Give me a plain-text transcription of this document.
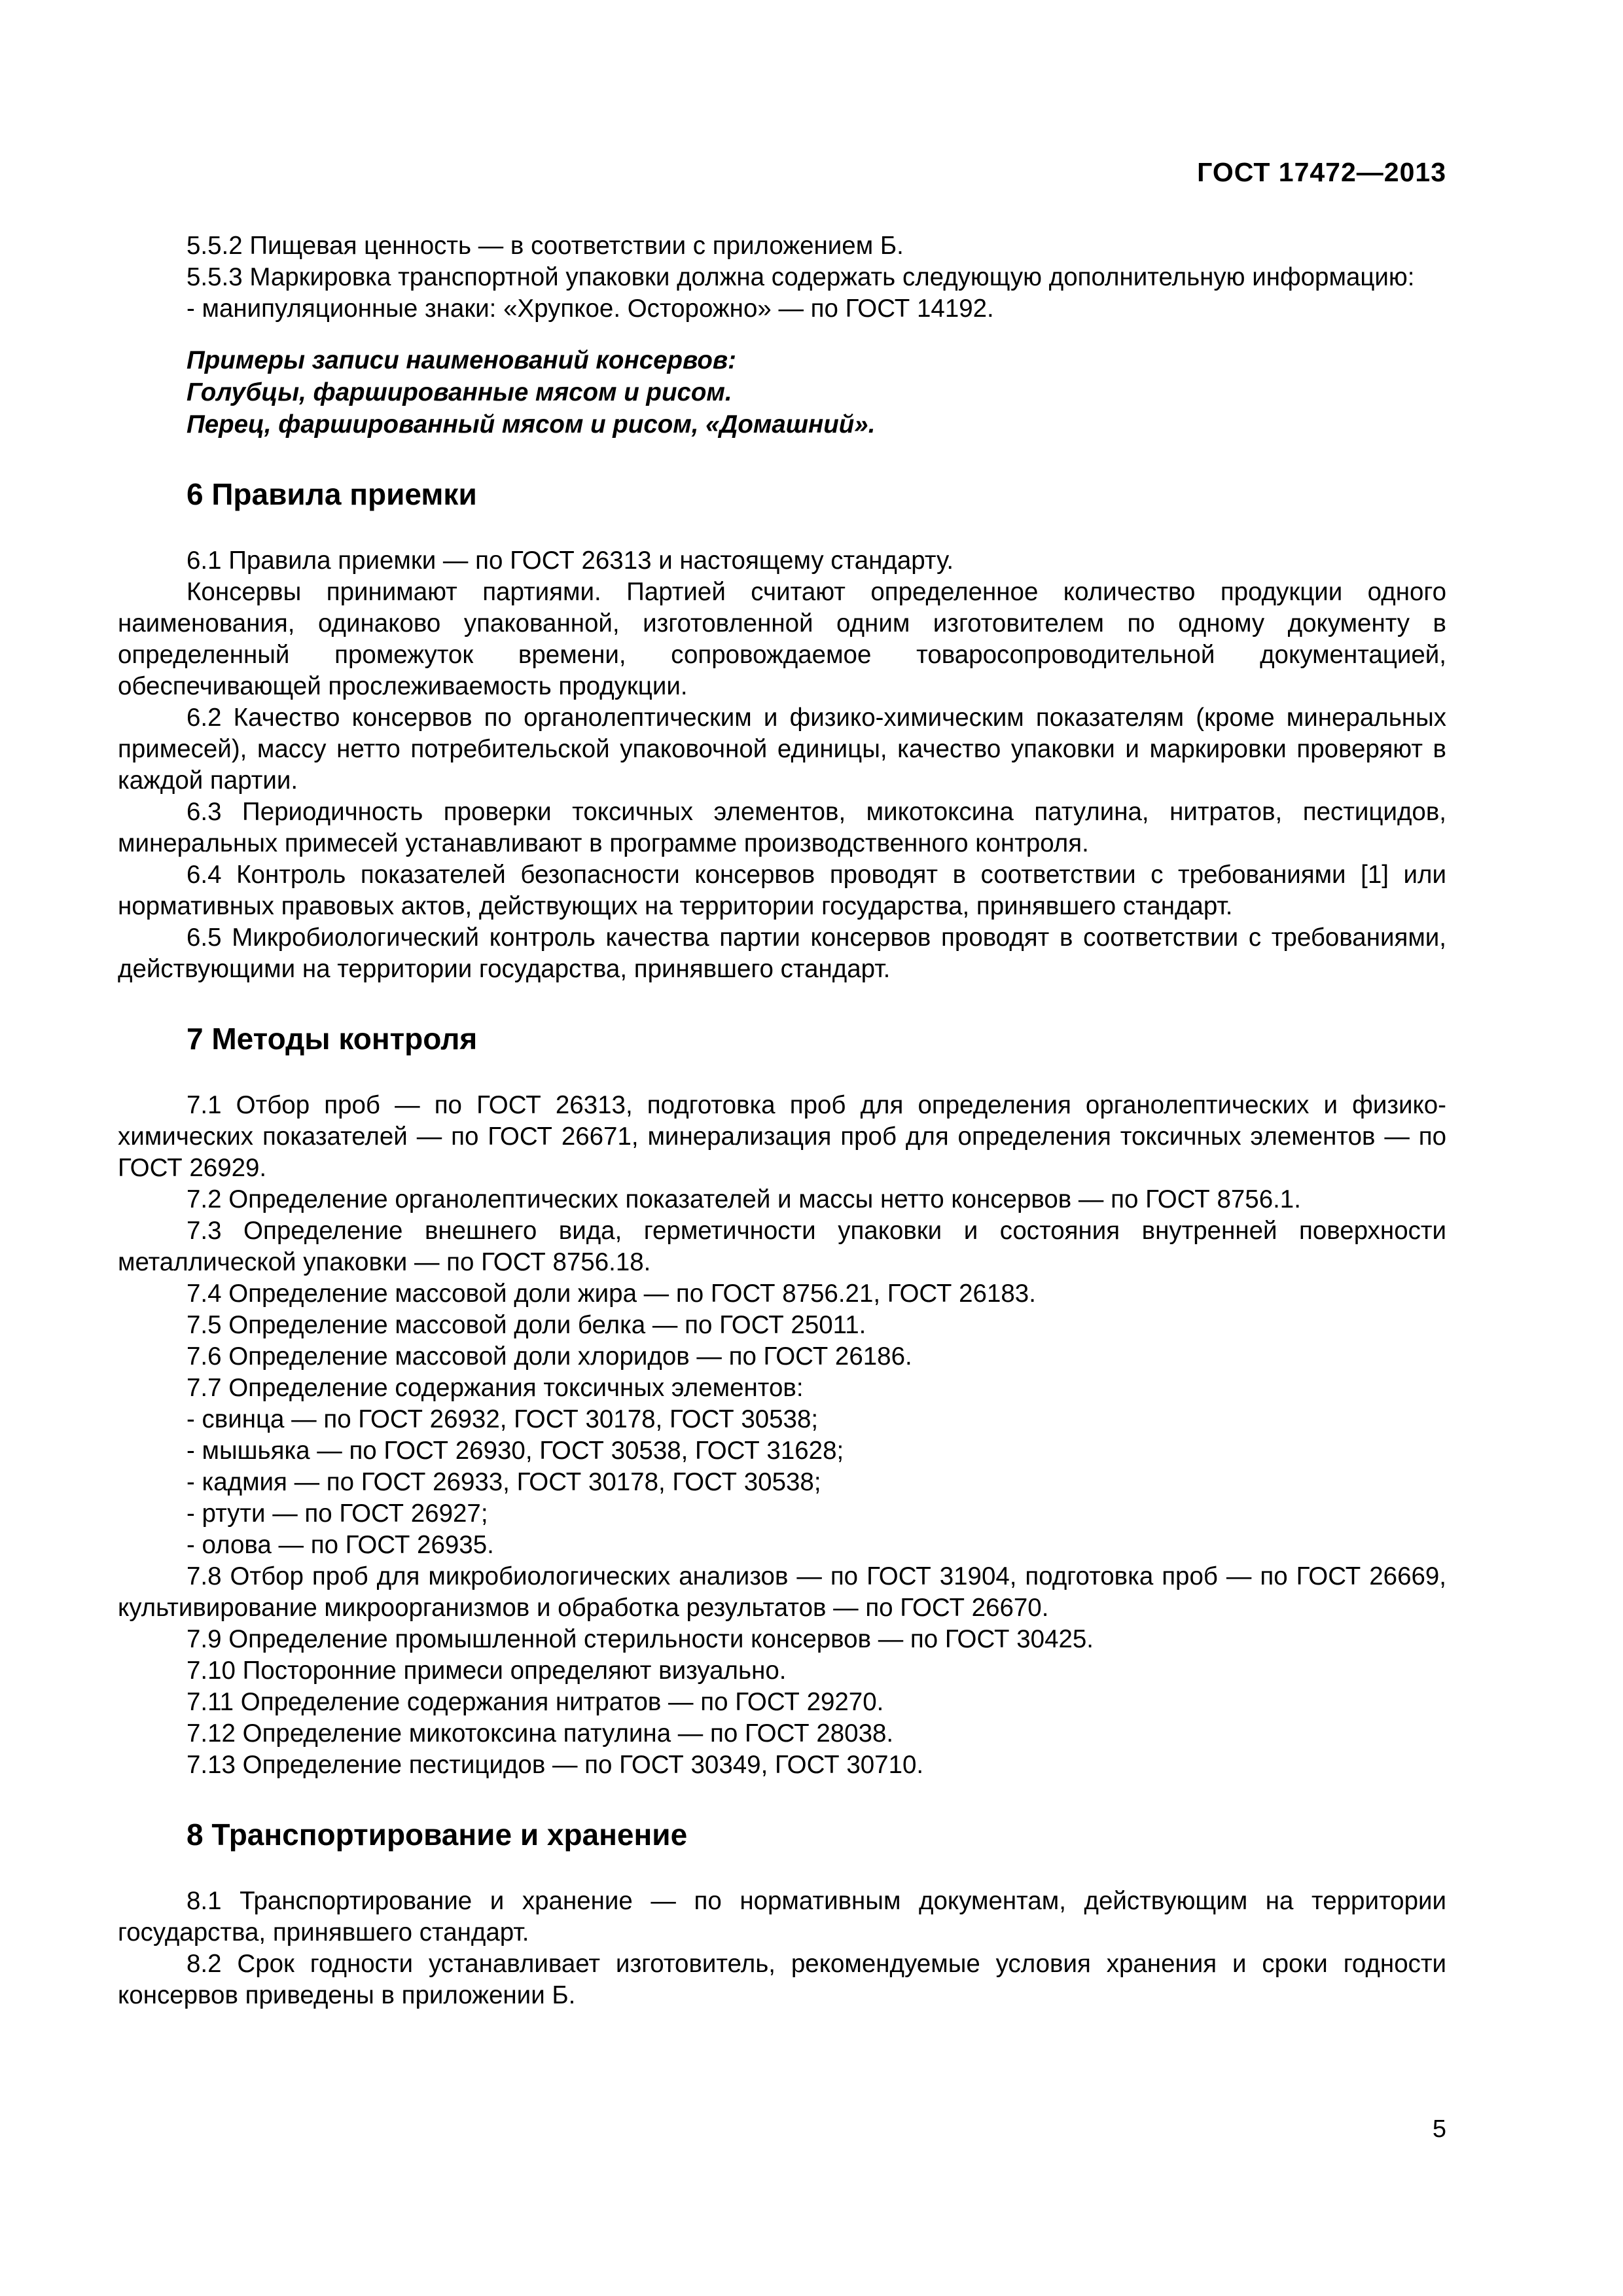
ГОСТ 17472—2013

5.5.2 Пищевая ценность — в соответствии с приложением Б.

5.5.3 Маркировка транспортной упаковки должна содержать следующую дополнительную информацию:

- манипуляционные знаки: «Хрупкое. Осторожно» — по ГОСТ 14192.

Примеры записи наименований консервов:
Голубцы, фаршированные мясом и рисом.
Перец, фаршированный мясом и рисом, «Домашний».
6 Правила приемки

6.1 Правила приемки — по ГОСТ 26313 и настоящему стандарту.

Консервы принимают партиями. Партией считают определенное количество продукции одного наименования, одинаково упакованной, изготовленной одним изготовителем по одному документу в определенный промежуток времени, сопровождаемое товаросопроводительной документацией, обеспечивающей прослеживаемость продукции.

6.2 Качество консервов по органолептическим и физико-химическим показателям (кроме минеральных примесей), массу нетто потребительской упаковочной единицы, качество упаковки и маркировки проверяют в каждой партии.

6.3 Периодичность проверки токсичных элементов, микотоксина патулина, нитратов, пестицидов, минеральных примесей устанавливают в программе производственного контроля.

6.4 Контроль показателей безопасности консервов проводят в соответствии с требованиями [1] или нормативных правовых актов, действующих на территории государства, принявшего стандарт.

6.5 Микробиологический контроль качества партии консервов проводят в соответствии с требованиями, действующими на территории государства, принявшего стандарт.

7 Методы контроля

7.1 Отбор проб — по ГОСТ 26313, подготовка проб для определения органолептических и физико-химических показателей — по ГОСТ 26671, минерализация проб для определения токсичных элементов — по ГОСТ 26929.

7.2 Определение органолептических показателей и массы нетто консервов — по ГОСТ 8756.1.

7.3 Определение внешнего вида, герметичности упаковки и состояния внутренней поверхности металлической упаковки — по ГОСТ 8756.18.

7.4 Определение массовой доли жира — по ГОСТ 8756.21, ГОСТ 26183.

7.5 Определение массовой доли белка — по ГОСТ 25011.

7.6 Определение массовой доли хлоридов — по ГОСТ 26186.

7.7 Определение содержания токсичных элементов:

- свинца — по ГОСТ 26932, ГОСТ 30178, ГОСТ 30538;

- мышьяка — по ГОСТ 26930, ГОСТ 30538, ГОСТ 31628;

- кадмия — по ГОСТ 26933, ГОСТ 30178, ГОСТ 30538;

- ртути — по ГОСТ 26927;

- олова — по ГОСТ 26935.

7.8 Отбор проб для микробиологических анализов — по ГОСТ 31904, подготовка проб — по ГОСТ 26669, культивирование микроорганизмов и обработка результатов — по ГОСТ 26670.

7.9 Определение промышленной стерильности консервов — по ГОСТ 30425.

7.10 Посторонние примеси определяют визуально.

7.11 Определение содержания нитратов — по ГОСТ 29270.

7.12 Определение микотоксина патулина — по ГОСТ 28038.

7.13 Определение пестицидов — по ГОСТ 30349, ГОСТ 30710.

8 Транспортирование и хранение

8.1 Транспортирование и хранение — по нормативным документам, действующим на территории государства, принявшего стандарт.

8.2 Срок годности устанавливает изготовитель, рекомендуемые условия хранения и сроки годности консервов приведены в приложении Б.

5
